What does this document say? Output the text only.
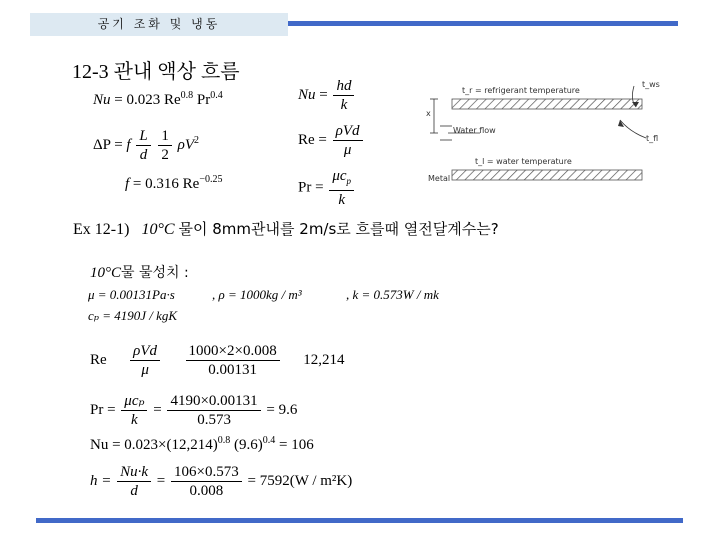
공기 조화 및 냉동
12-3 관내 액상 흐름
Nu = 0.023 $Re^{0.8}$ $Pr^{0.4}$
ΔP = f $\frac{L}{d}$
$\frac{1}{2} \rho V^2$
f = 0.316 $Re^{-0.25}$
$Nu = \frac{hd}{k}$
$Re = \frac{\text{ρVd}}{\mu}$
$Pr = \frac{\mu c_p}{k}$
x
t_r = refrigerant temperature
t_ws
Water flow
t_fl
t_l = water temperature
Metal
Ex 12-1) 10°C 물이 8mm관내를 2m/s로 흐를때 열전달계수는?
10°C물 물성치 :
μ = 0.00131Pa·s	, ρ = 1000kg / m³	, k = 0.573W / mk
cₚ = 4190J / kgK
Re $\frac{\text{ρVd}}{\mu}$
$\frac{1000\times 2\times 0.008}{0.00131} 12,214$
$Pr = \frac{\text{μcₚ}}{k} = \frac{4190\times 0.00131}{0.573} = 9.6$
$Nu = 0.023\times(12,214)^{0.8}$ $(9.6)^{0.4} = 106$
$h = \frac{Nu\cdot k}{d} = \frac{106\times 0.573}{0.008} = 7592(W / m^2K)$
